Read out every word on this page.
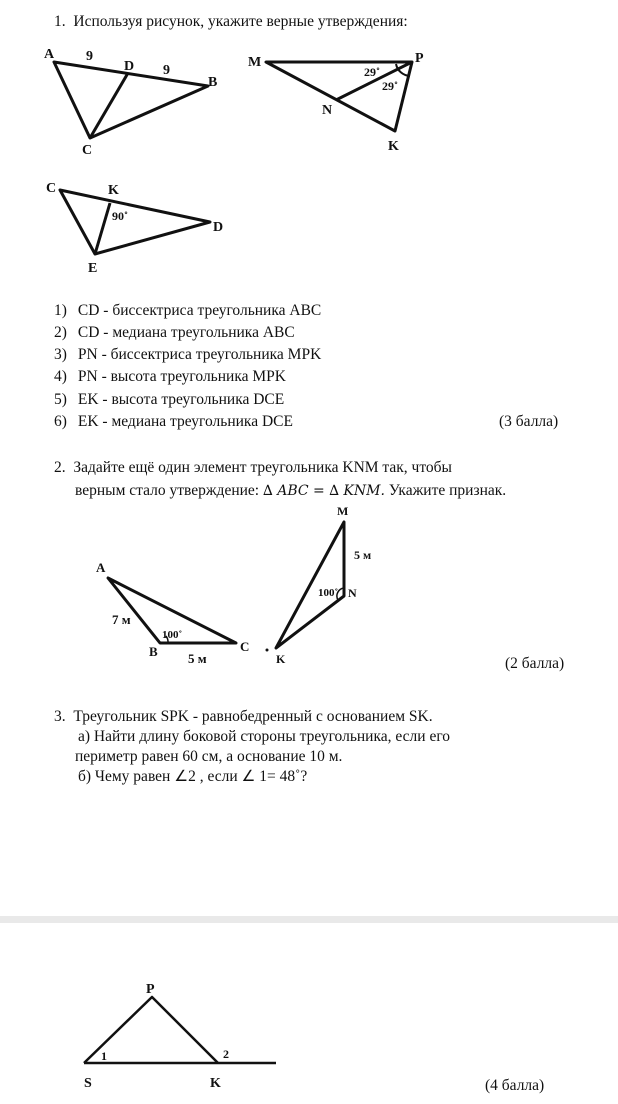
1. Используя рисунок, укажите верные утверждения:
A 9
D 9
B
C
M	P
29˚
29˚
N
K
C	K
90˚
D
E
1) CD - биссектриса треугольника ABC
2) CD - медиана треугольника ABC
3) PN - биссектриса треугольника MPK
4) PN - высота треугольника MPK
5) EK - высота треугольника DCE
6) EK - медиана треугольника DCE	(3 балла)
2. Задайте ещё один элемент треугольника KNM так, чтобы
верным стало утверждение: ∆ ABC = ∆ KNM. Укажите признак.
A
7 м
100˚
B 5 м
C
M
5 м
100˚ N
K	(2 балла)
3. Треугольник SPK - равнобедренный с основанием SK.
а) Найти длину боковой стороны треугольника, если его
периметр равен 60 см, а основание 10 м.
б) Чему равен ∠2 , если ∠ 1= 48˚?
P
1	2
S	K	(4 балла)
